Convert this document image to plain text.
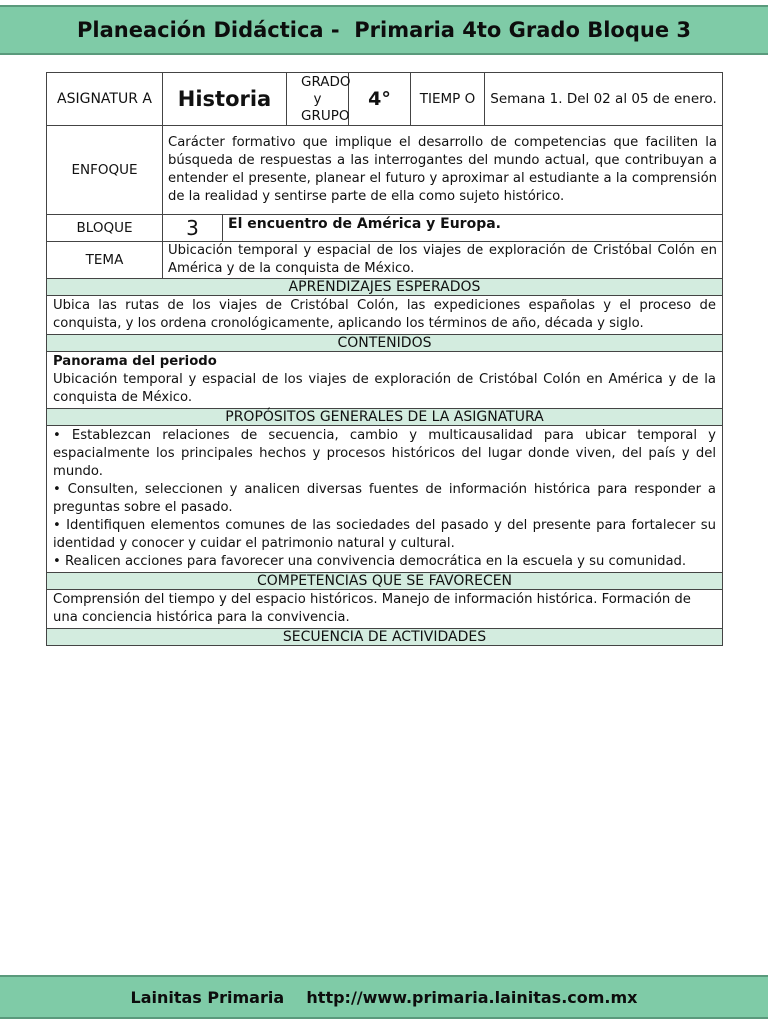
Planeación Didáctica -  Primaria 4to Grado Bloque 3
ASIGNATUR A	Historia		GRADO y GRUPO	4°	TIEMP O	Semana 1. Del 02 al 05 de enero.
ENFOQUE	Carácter formativo que implique el desarrollo de competencias que faciliten la búsqueda de respuestas a las interrogantes del mundo actual, que contribuyan a entender el presente, planear el futuro y aproximar al estudiante a la comprensión de la realidad y sentirse parte de ella como sujeto histórico.					
BLOQUE	3	El encuentro de América y Europa.				
TEMA	Ubicación temporal y espacial de los viajes de exploración de Cristóbal Colón en América y de la conquista de México.					
APRENDIZAJES ESPERADOS						
Ubica las rutas de los viajes de Cristóbal Colón, las expediciones españolas y el proceso de conquista, y los ordena cronológicamente, aplicando los términos de año, década y siglo.						
CONTENIDOS						

Panorama del periodo
Ubicación temporal y espacial de los viajes de exploración de Cristóbal Colón en América y de la conquista de México.						

PROPÓSITOS GENERALES DE LA ASIGNATURA						

• Establezcan relaciones de secuencia, cambio y multicausalidad para ubicar temporal y espacialmente los principales hechos y procesos históricos del lugar donde viven, del país y del mundo.

• Consulten, seleccionen y analicen diversas fuentes de información histórica para responder a preguntas sobre el pasado.

• Identifiquen elementos comunes de las sociedades del pasado y del presente para fortalecer su identidad y conocer y cuidar el patrimonio natural y cultural.

• Realicen acciones para favorecer una convivencia democrática en la escuela y su comunidad.						

COMPETENCIAS QUE SE FAVORECEN						
Comprensión del tiempo y del espacio históricos. Manejo de información histórica. Formación de una conciencia histórica para la convivencia.						
SECUENCIA DE ACTIVIDADES						
Lainitas Primaria    http://www.primaria.lainitas.com.mx
